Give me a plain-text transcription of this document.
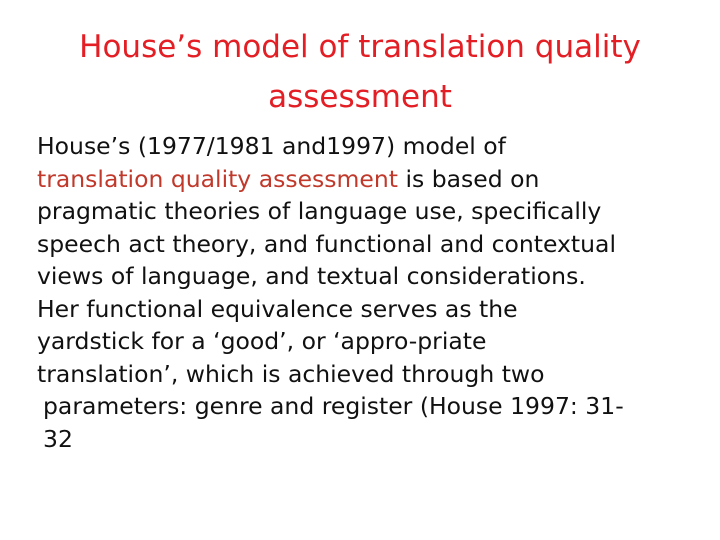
House’s model of translation quality
assessment
House’s (1977/1981 and1997) model of
translation quality assessment is based on
pragmatic theories of language use, specifically
speech act theory, and functional and contextual
views of language, and textual considerations.
Her functional equivalence serves as the
yardstick for a ‘good’, or ‘appro-priate
translation’, which is achieved through two
parameters: genre and register (House 1997: 31-
32
